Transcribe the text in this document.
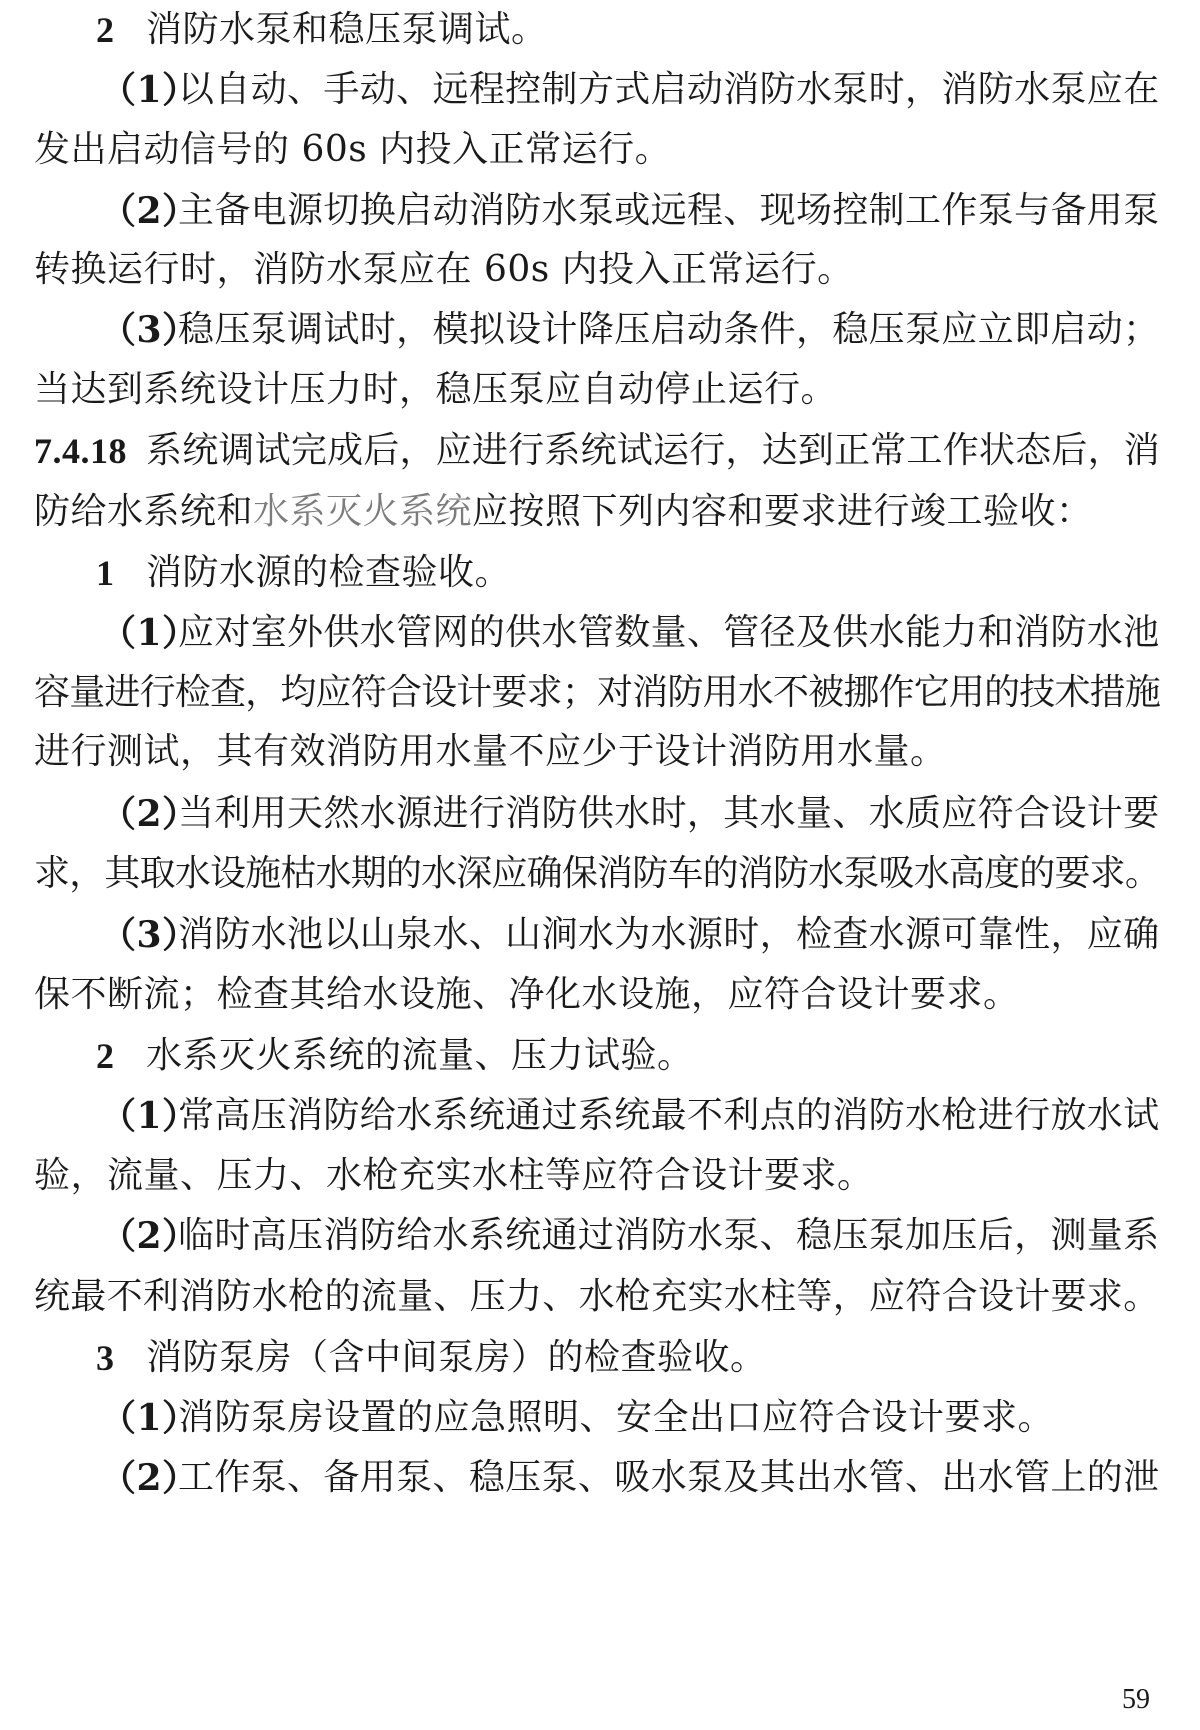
2 消防水泵和稳压泵调试。
（1）
以自动、手动、远程控制方式启动消防水泵时，消防水泵应在
发出启动信号的 60s 内投入正常运行。
（2）
主备电源切换启动消防水泵或远程、现场控制工作泵与备用泵
转换运行时，消防水泵应在 60s 内投入正常运行。
（3）
稳压泵调试时，模拟设计降压启动条件，稳压泵应立即启动；
当达到系统设计压力时，稳压泵应自动停止运行。
7.4.18 系统调试完成后，应进行系统试运行，达到正常工作状态后，消
防给水系统和水系灭火系统应按照下列内容和要求进行竣工验收：
1 消防水源的检查验收。
（1）
应对室外供水管网的供水管数量、管径及供水能力和消防水池
容量进行检查，均应符合设计要求；对消防用水不被挪作它用的技术措施
进行测试，其有效消防用水量不应少于设计消防用水量。
（2）
当利用天然水源进行消防供水时，其水量、水质应符合设计要
求，其取水设施枯水期的水深应确保消防车的消防水泵吸水高度的要求。
（3）
消防水池以山泉水、山涧水为水源时，检查水源可靠性，应确
保不断流；检查其给水设施、净化水设施，应符合设计要求。
2 水系灭火系统的流量、压力试验。
（1）
常高压消防给水系统通过系统最不利点的消防水枪进行放水试
验，流量、压力、水枪充实水柱等应符合设计要求。
（2）
临时高压消防给水系统通过消防水泵、稳压泵加压后，测量系
统最不利消防水枪的流量、压力、水枪充实水柱等，应符合设计要求。
3 消防泵房（含中间泵房）的检查验收。
（1）
消防泵房设置的应急照明、安全出口应符合设计要求。
（2）
工作泵、备用泵、稳压泵、吸水泵及其出水管、出水管上的泄
59
